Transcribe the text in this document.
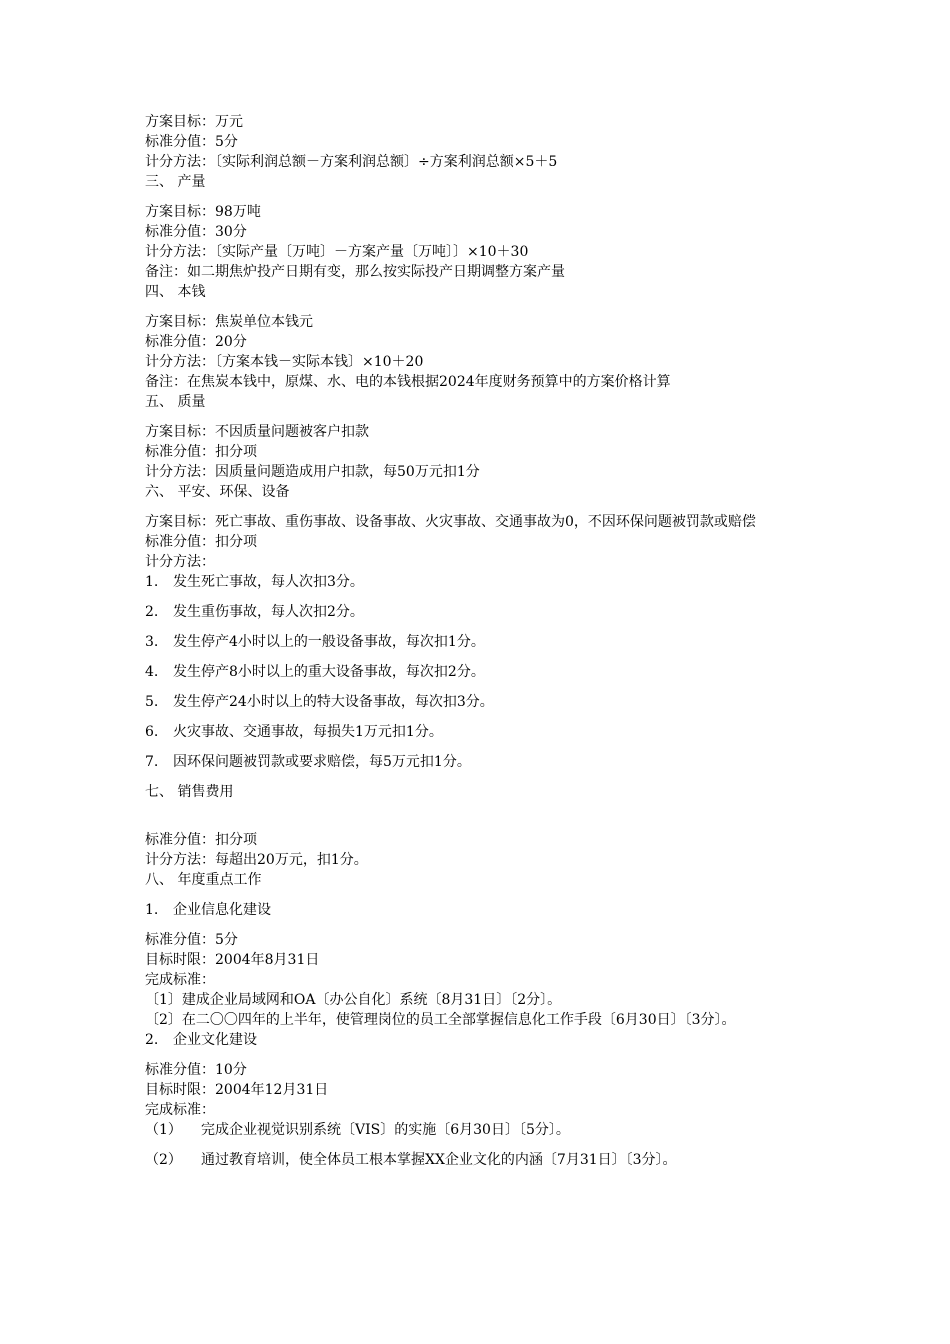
方案目标：万元
标准分值：5分
计分方法：〔实际利润总额－方案利润总额〕÷方案利润总额×5＋5
三、 产量
方案目标：98万吨
标准分值：30分
计分方法：〔实际产量〔万吨〕－方案产量〔万吨〕〕×10＋30
备注：如二期焦炉投产日期有变，那么按实际投产日期调整方案产量
四、 本钱
方案目标：焦炭单位本钱元
标准分值：20分
计分方法：〔方案本钱－实际本钱〕×10＋20
备注：在焦炭本钱中，原煤、水、电的本钱根据2024年度财务预算中的方案价格计算
五、 质量
方案目标：不因质量问题被客户扣款
标准分值：扣分项
计分方法：因质量问题造成用户扣款，每50万元扣1分
六、 平安、环保、设备
方案目标：死亡事故、重伤事故、设备事故、火灾事故、交通事故为0，不因环保问题被罚款或赔偿
标准分值：扣分项
计分方法：
1. 发生死亡事故，每人次扣3分。
2. 发生重伤事故，每人次扣2分。
3. 发生停产4小时以上的一般设备事故，每次扣1分。
4. 发生停产8小时以上的重大设备事故，每次扣2分。
5. 发生停产24小时以上的特大设备事故，每次扣3分。
6. 火灾事故、交通事故，每损失1万元扣1分。
7. 因环保问题被罚款或要求赔偿，每5万元扣1分。
七、 销售费用
标准分值：扣分项
计分方法：每超出20万元，扣1分。
八、 年度重点工作
1. 企业信息化建设
标准分值：5分
目标时限：2004年8月31日
完成标准：
〔1〕建成企业局域网和OA〔办公自化〕系统〔8月31日〕〔2分〕。
〔2〕在二〇〇四年的上半年，使管理岗位的员工全部掌握信息化工作手段〔6月30日〕〔3分〕。
2. 企业文化建设
标准分值：10分
目标时限：2004年12月31日
完成标准：
（1） 完成企业视觉识别系统〔VIS〕的实施〔6月30日〕〔5分〕。
（2） 通过教育培训，使全体员工根本掌握XX企业文化的内涵〔7月31日〕〔3分〕。
